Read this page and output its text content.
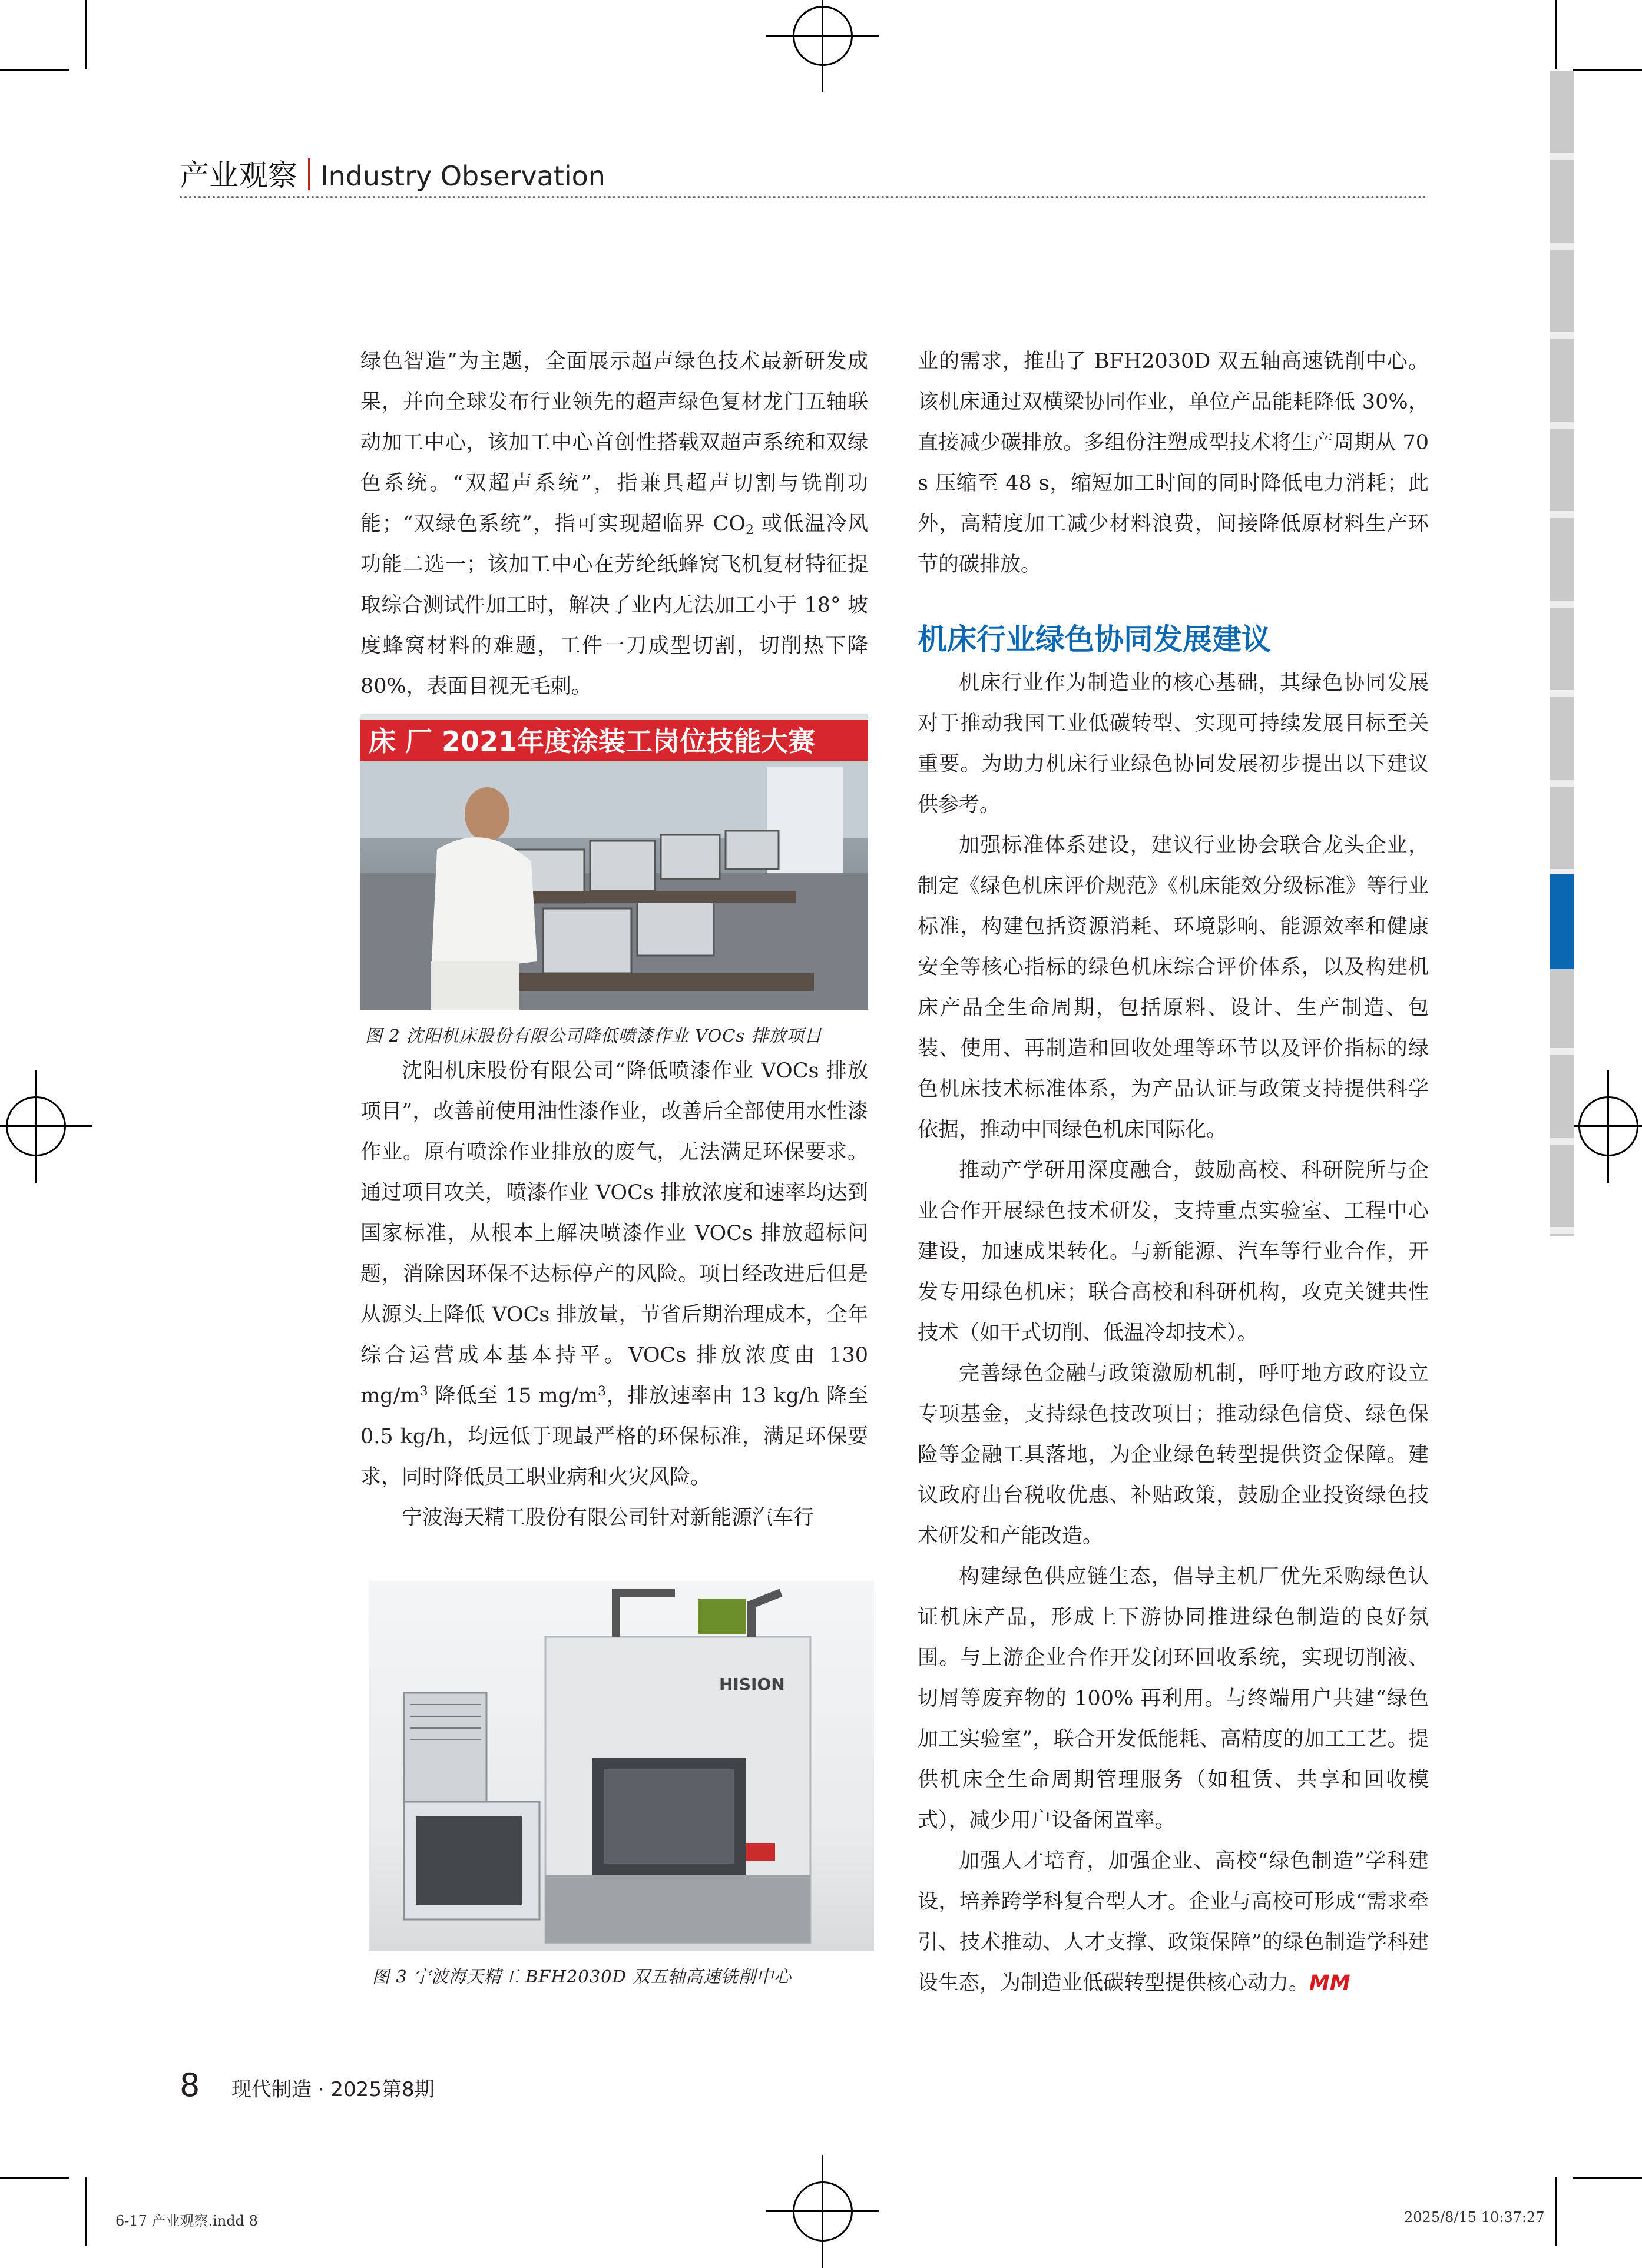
产业观察 Industry Observation

绿色智造”为主题，全面展示超声绿色技术最新研发成果，并向全球发布行业领先的超声绿色复材龙门五轴联动加工中心，该加工中心首创性搭载双超声系统和双绿色系统。“双超声系统”，指兼具超声切割与铣削功能；“双绿色系统”，指可实现超临界 $CO_2$ 或低温冷风功能二选一；该加工中心在芳纶纸蜂窝飞机复材特征提取综合测试件加工时，解决了业内无法加工小于 18° 坡度蜂窝材料的难题，工件一刀成型切割，切削热下降 80%，表面目视无毛刺。

床 厂 2021年度涂装工岗位技能大赛
图 2 沈阳机床股份有限公司降低喷漆作业 VOCs 排放项目

沈阳机床股份有限公司“降低喷漆作业 VOCs 排放项目”，改善前使用油性漆作业，改善后全部使用水性漆作业。原有喷涂作业排放的废气，无法满足环保要求。通过项目攻关，喷漆作业 VOCs 排放浓度和速率均达到国家标准，从根本上解决喷漆作业 VOCs 排放超标问题，消除因环保不达标停产的风险。项目经改进后但是从源头上降低 VOCs 排放量，节省后期治理成本，全年综合运营成本基本持平。VOCs 排放浓度由 130 $mg/m^3$ 降低至 15 $mg/m^3$，排放速率由 13 kg/h 降至 0.5 kg/h，均远低于现最严格的环保标准，满足环保要求，同时降低员工职业病和火灾风险。

宁波海天精工股份有限公司针对新能源汽车行

HISION
图 3 宁波海天精工 BFH2030D 双五轴高速铣削中心

业的需求，推出了 BFH2030D 双五轴高速铣削中心。该机床通过双横梁协同作业，单位产品能耗降低 30%，直接减少碳排放。多组份注塑成型技术将生产周期从 70 s 压缩至 48 s，缩短加工时间的同时降低电力消耗；此外，高精度加工减少材料浪费，间接降低原材料生产环节的碳排放。

机床行业绿色协同发展建议

机床行业作为制造业的核心基础，其绿色协同发展对于推动我国工业低碳转型、实现可持续发展目标至关重要。为助力机床行业绿色协同发展初步提出以下建议供参考。

加强标准体系建设，建议行业协会联合龙头企业，制定《绿色机床评价规范》《机床能效分级标准》等行业标准，构建包括资源消耗、环境影响、能源效率和健康安全等核心指标的绿色机床综合评价体系，以及构建机床产品全生命周期，包括原料、设计、生产制造、包装、使用、再制造和回收处理等环节以及评价指标的绿色机床技术标准体系，为产品认证与政策支持提供科学依据，推动中国绿色机床国际化。

推动产学研用深度融合，鼓励高校、科研院所与企业合作开展绿色技术研发，支持重点实验室、工程中心建设，加速成果转化。与新能源、汽车等行业合作，开发专用绿色机床；联合高校和科研机构，攻克关键共性技术（如干式切削、低温冷却技术）。

完善绿色金融与政策激励机制，呼吁地方政府设立专项基金，支持绿色技改项目；推动绿色信贷、绿色保险等金融工具落地，为企业绿色转型提供资金保障。建议政府出台税收优惠、补贴政策，鼓励企业投资绿色技术研发和产能改造。

构建绿色供应链生态，倡导主机厂优先采购绿色认证机床产品，形成上下游协同推进绿色制造的良好氛围。与上游企业合作开发闭环回收系统，实现切削液、切屑等废弃物的 100% 再利用。与终端用户共建“绿色加工实验室”，联合开发低能耗、高精度的加工工艺。提供机床全生命周期管理服务（如租赁、共享和回收模式），减少用户设备闲置率。

加强人才培育，加强企业、高校“绿色制造”学科建设，培养跨学科复合型人才。企业与高校可形成“需求牵引、技术推动、人才支撑、政策保障”的绿色制造学科建设生态，为制造业低碳转型提供核心动力。MM

8 现代制造 · 2025第8期
6-17 产业观察.indd 8	2025/8/15 10:37:27
